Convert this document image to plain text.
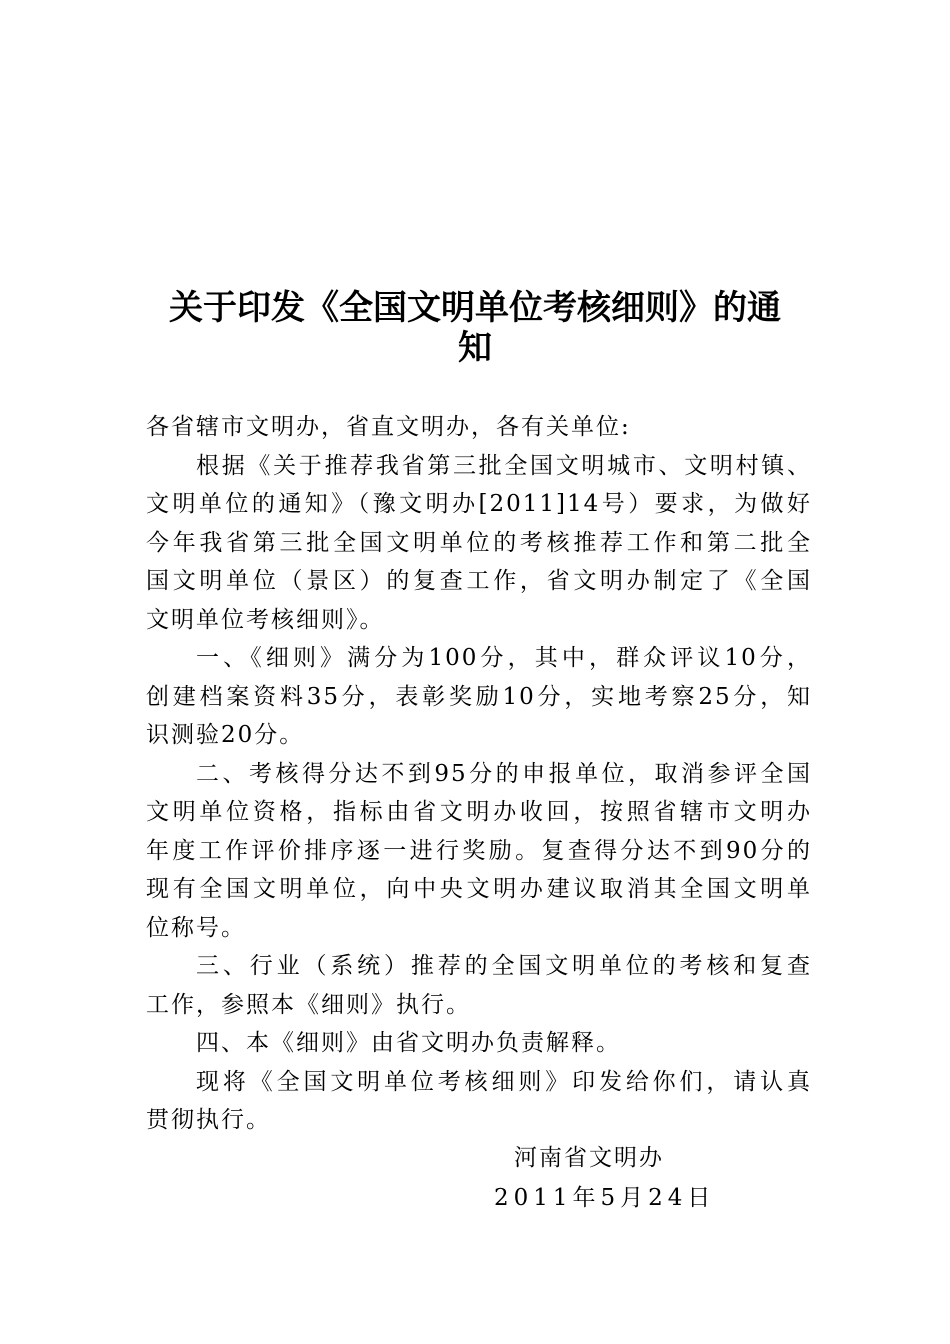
关于印发《全国文明单位考核细则》的通
知
各省辖市文明办，省直文明办，各有关单位:
根据《关于推荐我省第三批全国文明城市、文明村镇、
文明单位的通知》（豫文明办[2011]14号）要求，为做好
今年我省第三批全国文明单位的考核推荐工作和第二批全
国文明单位（景区）的复查工作，省文明办制定了《全国
文明单位考核细则》。
一、《细则》满分为100分，其中，群众评议10分，
创建档案资料35分，表彰奖励10分，实地考察25分，知
识测验20分。
二、考核得分达不到95分的申报单位，取消参评全国
文明单位资格，指标由省文明办收回，按照省辖市文明办
年度工作评价排序逐一进行奖励。复查得分达不到90分的
现有全国文明单位，向中央文明办建议取消其全国文明单
位称号。
三、行业（系统）推荐的全国文明单位的考核和复查
工作，参照本《细则》执行。
四、本《细则》由省文明办负责解释。
现将《全国文明单位考核细则》印发给你们，请认真
贯彻执行。
河南省文明办
2011年5月24日
